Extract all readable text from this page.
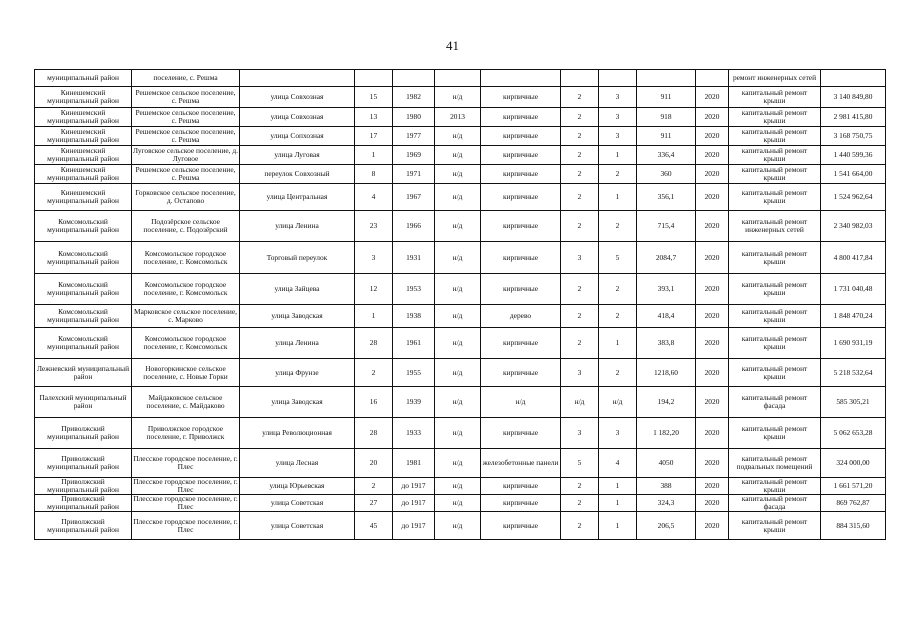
41
муниципальный район	поселение, с. Решма										ремонт инженерных сетей	
Кинешемский муниципальный район	Решемское сельское поселение, с. Решма	улица Совхозная	15	1982	н/д	кирпичные	2	3	911	2020	капитальный ремонт крыши	3 140 849,80
Кинешемский муниципальный район	Решемское сельское поселение, с. Решма	улица Совхозная	13	1980	2013	кирпичные	2	3	918	2020	капитальный ремонт крыши	2 981 415,80
Кинешемский муниципальный район	Решемское сельское поселение, с. Решма	улица Сопхозная	17	1977	н/д	кирпичные	2	3	911	2020	капитальный ремонт крыши	3 168 750,75
Кинешемский муниципальный район	Луговское сельское поселение, д. Луговое	улица Луговая	1	1969	н/д	кирпичные	2	1	336,4	2020	капитальный ремонт крыши	1 440 599,36
Кинешемский муниципальный район	Решемское сельское поселение, с. Решма	переулок Совхозный	8	1971	н/д	кирпичные	2	2	360	2020	капитальный ремонт крыши	1 541 664,00
Кинешемский муниципальный район	Горковское сельское поселение, д. Остапово	улица Центральная	4	1967	н/д	кирпичные	2	1	356,1	2020	капитальный ремонт крыши	1 524 962,64
Комсомольский муниципальный район	Подозёрское сельское поселение, с. Подозёрский	улица Ленина	23	1966	н/д	кирпичные	2	2	715,4	2020	капитальный ремонт инженерных сетей	2 340 982,03
Комсомольский муниципальный район	Комсомольское городское поселение, г. Комсомольск	Торговый переулок	3	1931	н/д	кирпичные	3	5	2084,7	2020	капитальный ремонт крыши	4 800 417,84
Комсомольский муниципальный район	Комсомольское городское поселение, г. Комсомольск	улица Зайцева	12	1953	н/д	кирпичные	2	2	393,1	2020	капитальный ремонт крыши	1 731 040,48
Комсомольский муниципальный район	Марковское сельское поселение, с. Марково	улица Заводская	1	1938	н/д	дерево	2	2	418,4	2020	капитальный ремонт крыши	1 848 470,24
Комсомольский муниципальный район	Комсомольское городское поселение, г. Комсомольск	улица Ленина	28	1961	н/д	кирпичные	2	1	383,8	2020	капитальный ремонт крыши	1 690 931,19
Лежневский муниципальный район	Новогоркинское сельское поселение, с. Новые Горки	улица Фрунзе	2	1955	н/д	кирпичные	3	2	1218,60	2020	капитальный ремонт крыши	5 218 532,64
Палехский муниципальный район	Майдаковское сельское поселение, с. Майдаково	улица Заводская	16	1939	н/д	н/д	н/д	н/д	194,2	2020	капитальный ремонт фасада	585 305,21
Приволжский муниципальный район	Приволжское городское поселение, г. Приволжск	улица Революционная	28	1933	н/д	кирпичные	3	3	1 182,20	2020	капитальный ремонт крыши	5 062 653,28
Приволжский муниципальный район	Плесское городское поселение, г. Плес	улица Лесная	20	1981	н/д	железобетонные панели	5	4	4050	2020	капитальный ремонт подвальных помещений	324 000,00
Приволжский муниципальный район	Плесское городское поселение, г. Плес	улица Юрьевская	2	до 1917	н/д	кирпичные	2	1	388	2020	капитальный ремонт крыши	1 661 571,20
Приволжский муниципальный район	Плесское городское поселение, г. Плес	улица Советская	27	до 1917	н/д	кирпичные	2	1	324,3	2020	капитальный ремонт фасада	869 762,87
Приволжский муниципальный район	Плесское городское поселение, г. Плес	улица Советская	45	до 1917	н/д	кирпичные	2	1	206,5	2020	капитальный ремонт крыши	884 315,60
